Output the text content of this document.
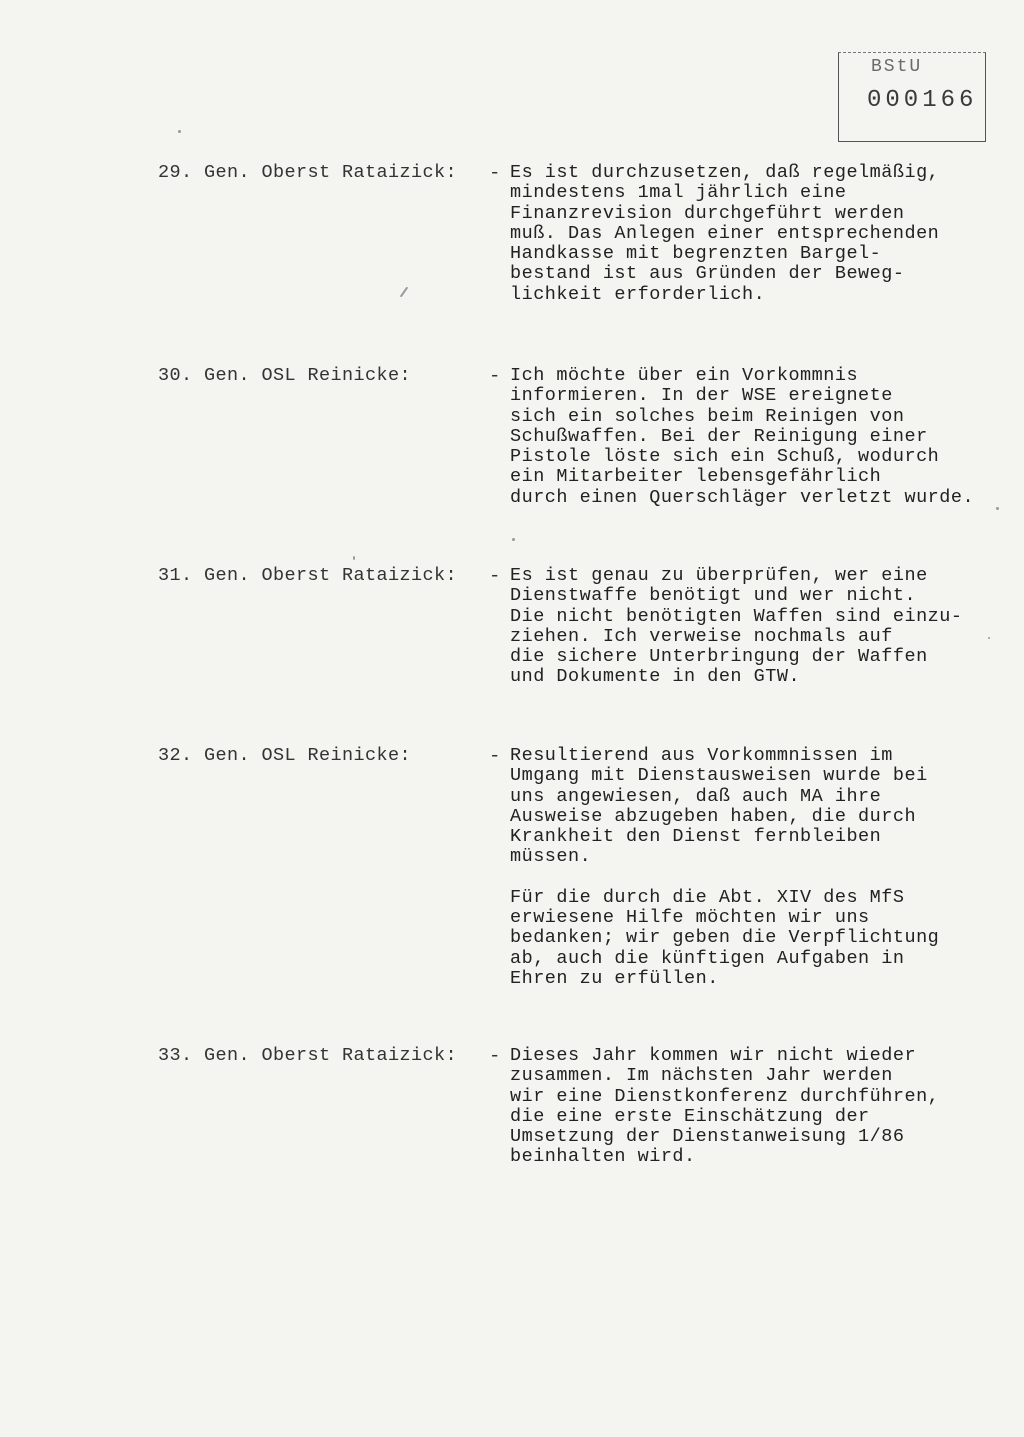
BStU
000166
29. Gen. Oberst Rataizick: - Es ist durchzusetzen, daß regelmäßig,
mindestens 1mal jährlich eine
Finanzrevision durchgeführt werden
muß. Das Anlegen einer entsprechenden
Handkasse mit begrenzten Bargel-
bestand ist aus Gründen der Beweg-
lichkeit erforderlich.
30. Gen. OSL Reinicke:	- Ich möchte über ein Vorkommnis
informieren. In der WSE ereignete
sich ein solches beim Reinigen von
Schußwaffen. Bei der Reinigung einer
Pistole löste sich ein Schuß, wodurch
ein Mitarbeiter lebensgefährlich
durch einen Querschläger verletzt wurde.
31. Gen. Oberst Rataizick: - Es ist genau zu überprüfen, wer eine
Dienstwaffe benötigt und wer nicht.
Die nicht benötigten Waffen sind einzu-
ziehen. Ich verweise nochmals auf
die sichere Unterbringung der Waffen
und Dokumente in den GTW.
32. Gen. OSL Reinicke:	- Resultierend aus Vorkommnissen im
Umgang mit Dienstausweisen wurde bei
uns angewiesen, daß auch MA ihre
Ausweise abzugeben haben, die durch
Krankheit den Dienst fernbleiben
müssen.
Für die durch die Abt. XIV des MfS
erwiesene Hilfe möchten wir uns
bedanken; wir geben die Verpflichtung
ab, auch die künftigen Aufgaben in
Ehren zu erfüllen.
33. Gen. Oberst Rataizick: - Dieses Jahr kommen wir nicht wieder
zusammen. Im nächsten Jahr werden
wir eine Dienstkonferenz durchführen,
die eine erste Einschätzung der
Umsetzung der Dienstanweisung 1/86
beinhalten wird.
